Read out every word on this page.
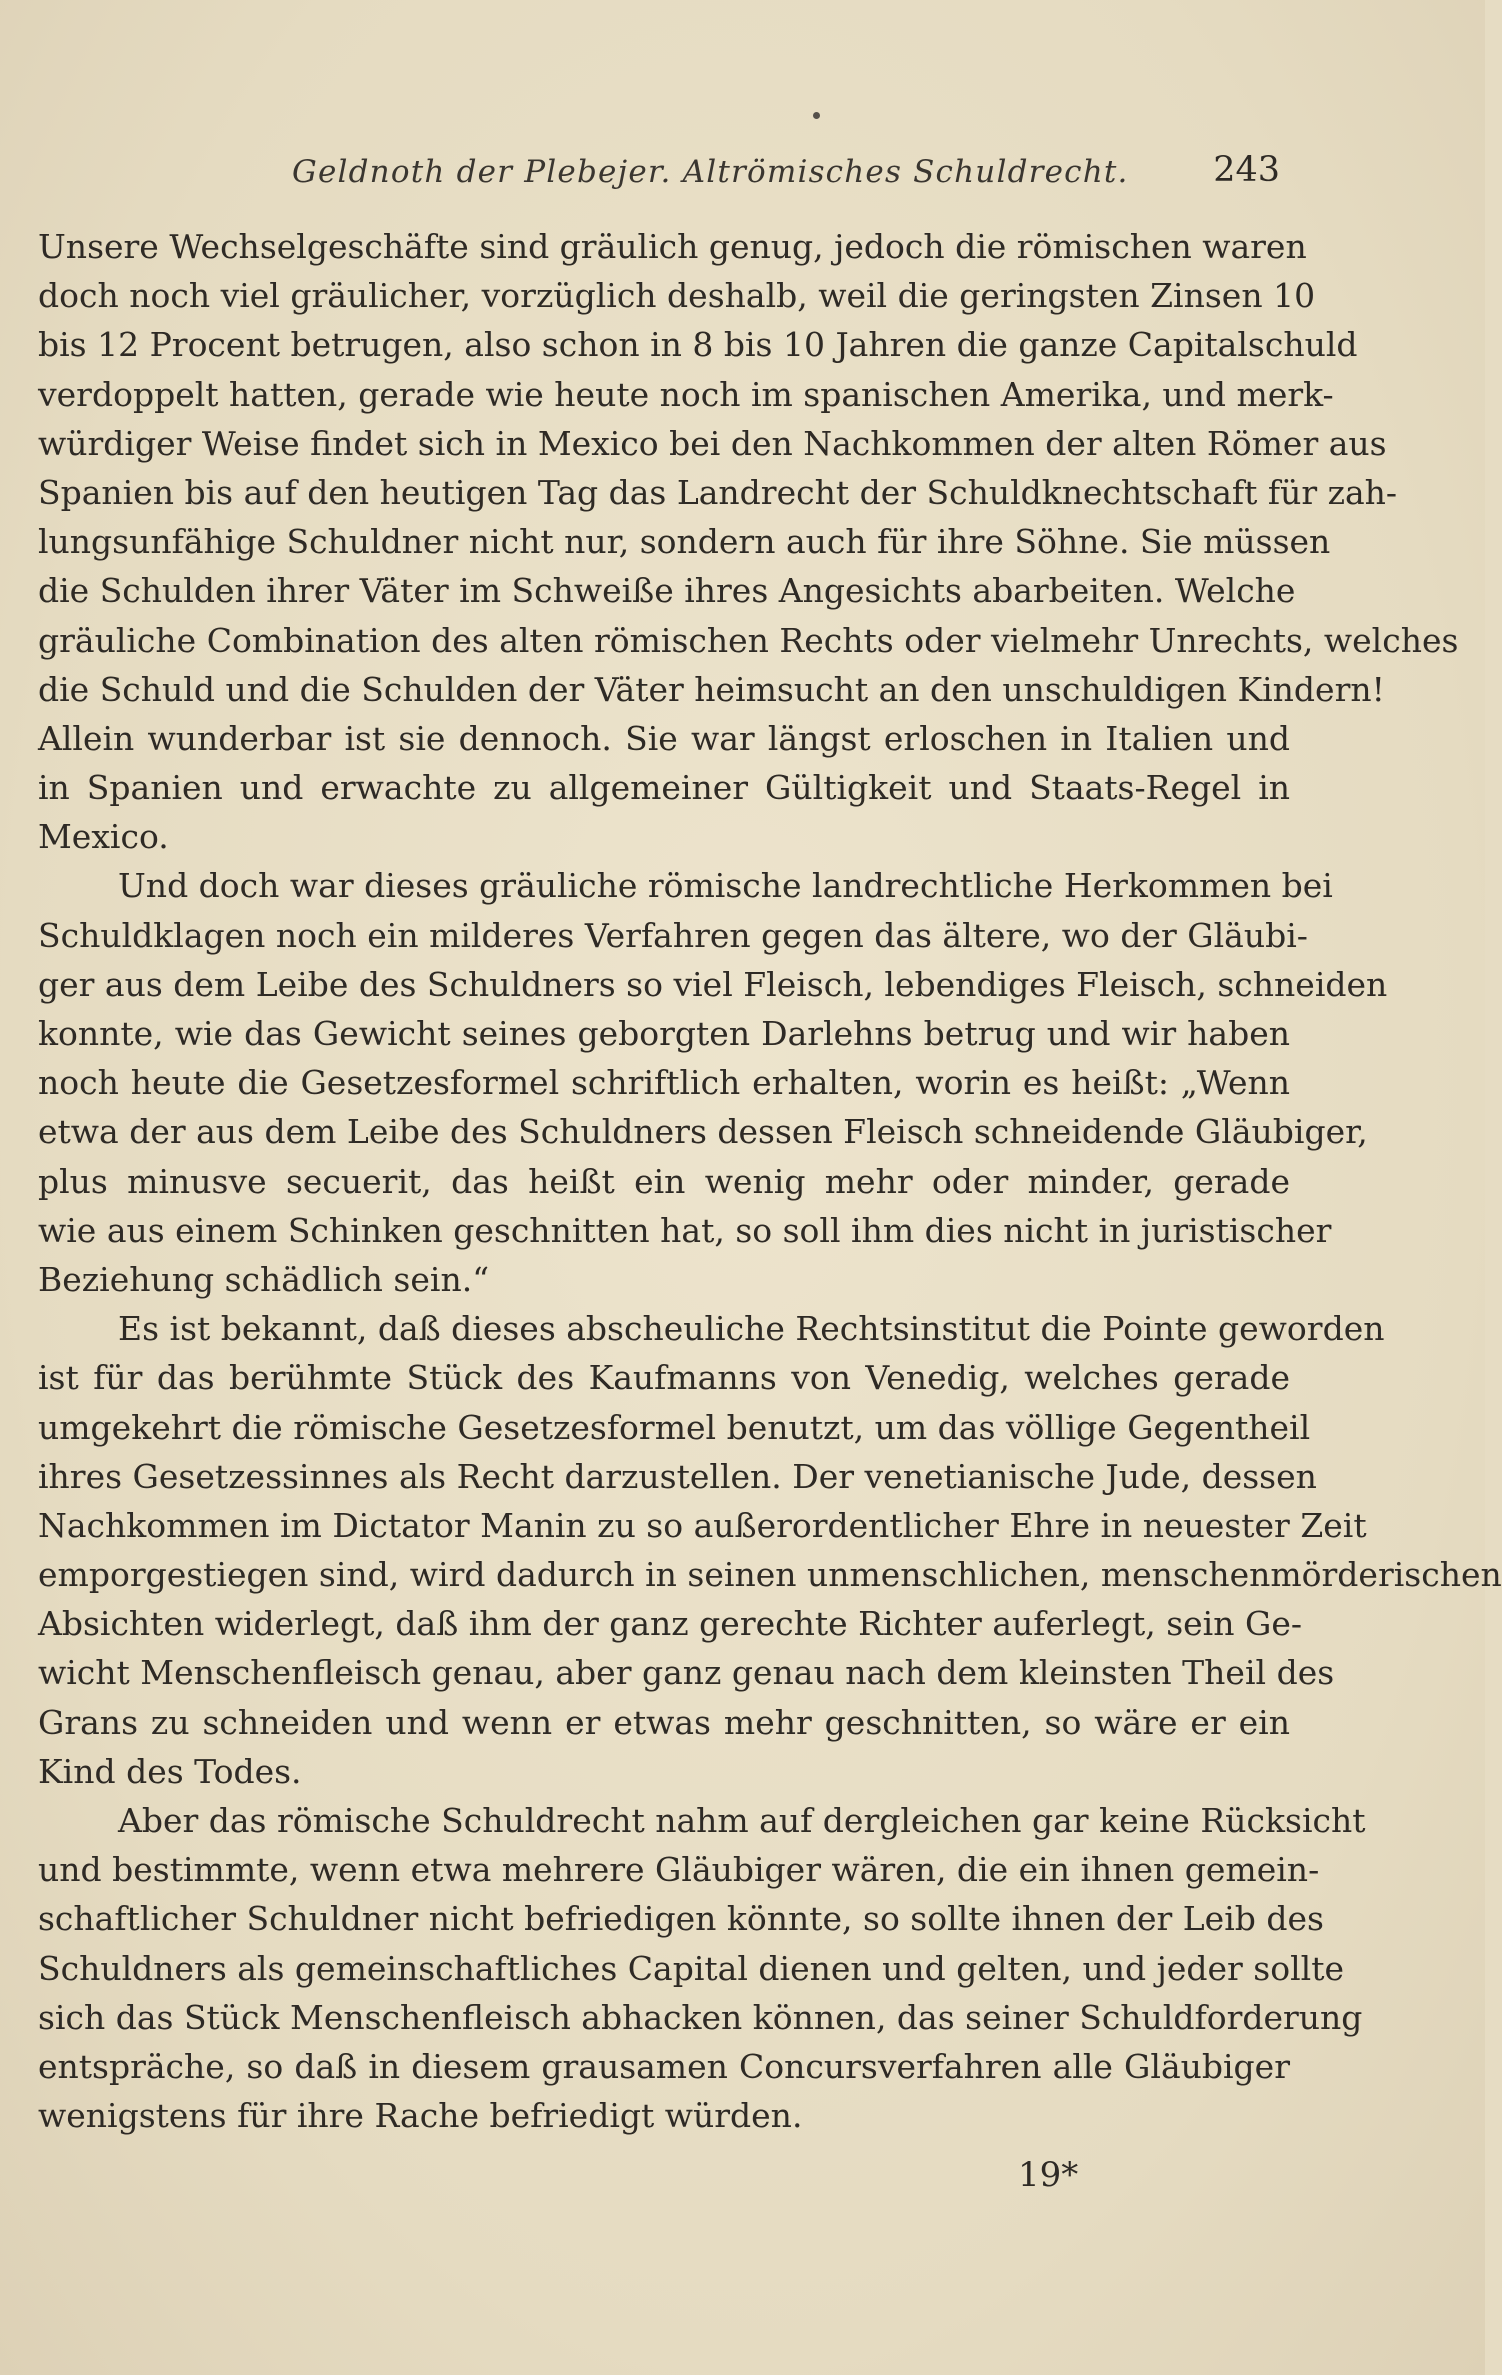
Geldnoth der Plebejer. Altrömisches Schuldrecht. 243
Unsere Wechselgeschäfte sind gräulich genug, jedoch die römischen waren
doch noch viel gräulicher, vorzüglich deshalb, weil die geringsten Zinsen 10
bis 12 Procent betrugen, also schon in 8 bis 10 Jahren die ganze Capitalschuld
verdoppelt hatten, gerade wie heute noch im spanischen Amerika, und merk-
würdiger Weise findet sich in Mexico bei den Nachkommen der alten Römer aus
Spanien bis auf den heutigen Tag das Landrecht der Schuldknechtschaft für zah-
lungsunfähige Schuldner nicht nur, sondern auch für ihre Söhne. Sie müssen
die Schulden ihrer Väter im Schweiße ihres Angesichts abarbeiten. Welche
gräuliche Combination des alten römischen Rechts oder vielmehr Unrechts, welches
die Schuld und die Schulden der Väter heimsucht an den unschuldigen Kindern!
Allein wunderbar ist sie dennoch. Sie war längst erloschen in Italien und
in Spanien und erwachte zu allgemeiner Gültigkeit und Staats-Regel in
Mexico.
Und doch war dieses gräuliche römische landrechtliche Herkommen bei
Schuldklagen noch ein milderes Verfahren gegen das ältere, wo der Gläubi-
ger aus dem Leibe des Schuldners so viel Fleisch, lebendiges Fleisch, schneiden
konnte, wie das Gewicht seines geborgten Darlehns betrug und wir haben
noch heute die Gesetzesformel schriftlich erhalten, worin es heißt: „Wenn
etwa der aus dem Leibe des Schuldners dessen Fleisch schneidende Gläubiger,
plus minusve secuerit, das heißt ein wenig mehr oder minder, gerade
wie aus einem Schinken geschnitten hat, so soll ihm dies nicht in juristischer
Beziehung schädlich sein.“
Es ist bekannt, daß dieses abscheuliche Rechtsinstitut die Pointe geworden
ist für das berühmte Stück des Kaufmanns von Venedig, welches gerade
umgekehrt die römische Gesetzesformel benutzt, um das völlige Gegentheil
ihres Gesetzessinnes als Recht darzustellen. Der venetianische Jude, dessen
Nachkommen im Dictator Manin zu so außerordentlicher Ehre in neuester Zeit
emporgestiegen sind, wird dadurch in seinen unmenschlichen, menschenmörderischen
Absichten widerlegt, daß ihm der ganz gerechte Richter auferlegt, sein Ge-
wicht Menschenfleisch genau, aber ganz genau nach dem kleinsten Theil des
Grans zu schneiden und wenn er etwas mehr geschnitten, so wäre er ein
Kind des Todes.
Aber das römische Schuldrecht nahm auf dergleichen gar keine Rücksicht
und bestimmte, wenn etwa mehrere Gläubiger wären, die ein ihnen gemein-
schaftlicher Schuldner nicht befriedigen könnte, so sollte ihnen der Leib des
Schuldners als gemeinschaftliches Capital dienen und gelten, und jeder sollte
sich das Stück Menschenfleisch abhacken können, das seiner Schuldforderung
entspräche, so daß in diesem grausamen Concursverfahren alle Gläubiger
wenigstens für ihre Rache befriedigt würden.
19*
